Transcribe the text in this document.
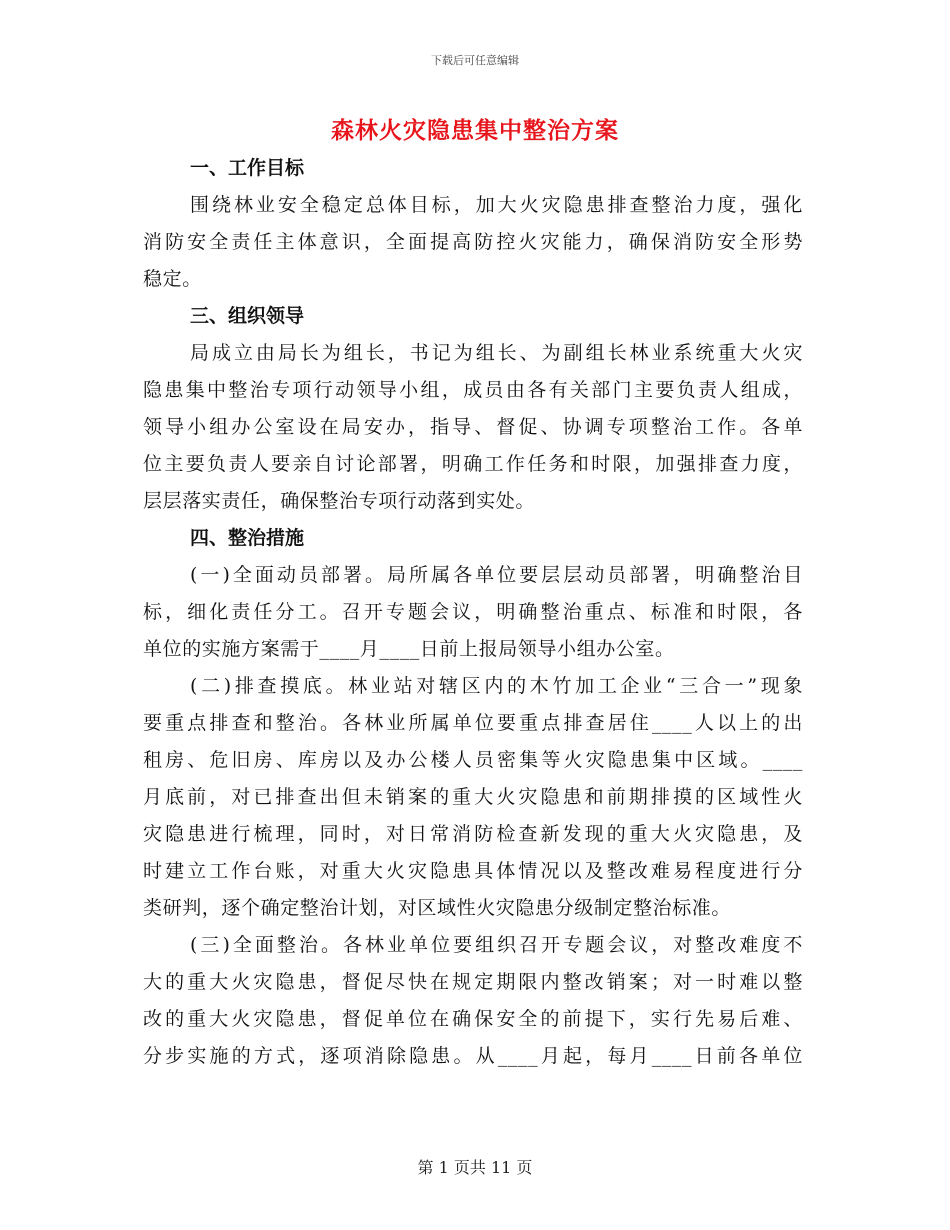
下载后可任意编辑
森林火灾隐患集中整治方案
一、工作目标
围绕林业安全稳定总体目标，加大火灾隐患排查整治力度，强化
消防安全责任主体意识，全面提高防控火灾能力，确保消防安全形势
稳定。
三、组织领导
局成立由局长为组长，书记为组长、为副组长林业系统重大火灾
隐患集中整治专项行动领导小组，成员由各有关部门主要负责人组成，
领导小组办公室设在局安办，指导、督促、协调专项整治工作。各单
位主要负责人要亲自讨论部署，明确工作任务和时限，加强排查力度，
层层落实责任，确保整治专项行动落到实处。
四、整治措施
(一)全面动员部署。局所属各单位要层层动员部署，明确整治目
标，细化责任分工。召开专题会议，明确整治重点、标准和时限，各
单位的实施方案需于____月____日前上报局领导小组办公室。
(二)排查摸底。林业站对辖区内的木竹加工企业“三合一”现象
要重点排查和整治。各林业所属单位要重点排查居住____人以上的出
租房、危旧房、库房以及办公楼人员密集等火灾隐患集中区域。____
月底前，对已排查出但未销案的重大火灾隐患和前期排摸的区域性火
灾隐患进行梳理，同时，对日常消防检查新发现的重大火灾隐患，及
时建立工作台账，对重大火灾隐患具体情况以及整改难易程度进行分
类研判，逐个确定整治计划，对区域性火灾隐患分级制定整治标准。
(三)全面整治。各林业单位要组织召开专题会议，对整改难度不
大的重大火灾隐患，督促尽快在规定期限内整改销案；对一时难以整
改的重大火灾隐患，督促单位在确保安全的前提下，实行先易后难、
分步实施的方式，逐项消除隐患。从____月起，每月____日前各单位
第 1 页共 11 页
